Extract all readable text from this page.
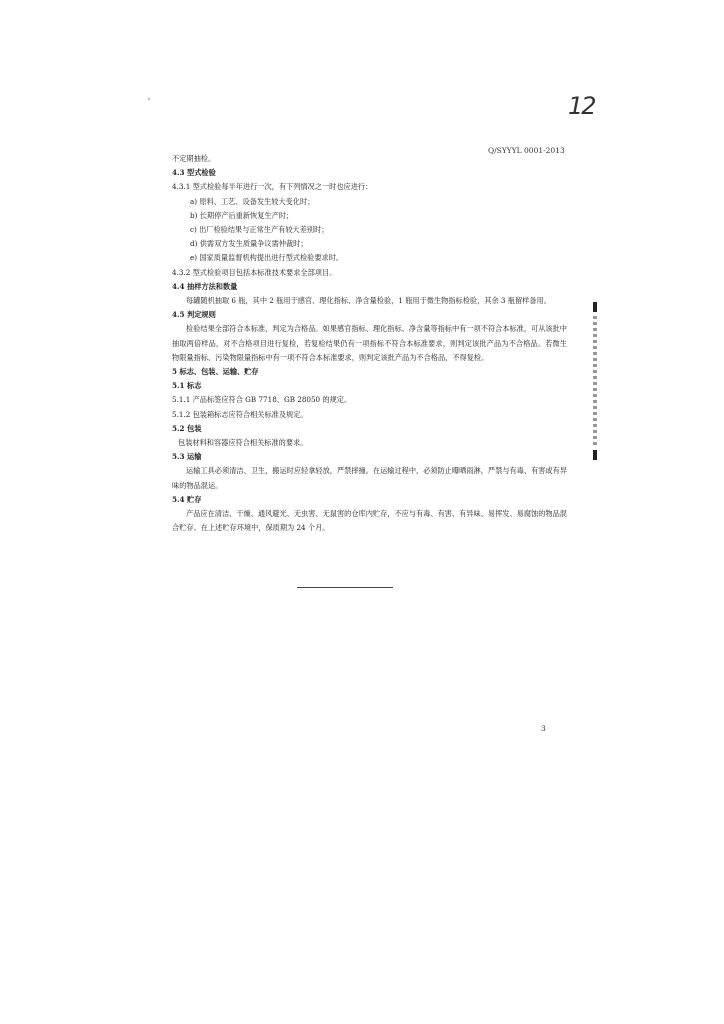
12
Q/SYYYL 0001-2013
不定期抽检。
4.3 型式检验
4.3.1 型式检验每半年进行一次，有下列情况之一时也应进行：
a) 原料、工艺、设备发生较大变化时；
b) 长期停产后重新恢复生产时；
c) 出厂检验结果与正常生产有较大差别时；
d) 供需双方发生质量争议需仲裁时；
e) 国家质量监督机构提出进行型式检验要求时。
4.3.2 型式检验项目包括本标准技术要求全部项目。
4.4 抽样方法和数量
每罐随机抽取 6 瓶，其中 2 瓶用于感官、理化指标、净含量检验，1 瓶用于微生物指标检验，其余 3 瓶留样备用。
4.5 判定规则
检验结果全部符合本标准，判定为合格品。如果感官指标、理化指标、净含量等指标中有一项不符合本标准，可从该批中抽取两倍样品，对不合格项目进行复检，若复检结果仍有一项指标不符合本标准要求，则判定该批产品为不合格品。若微生物限量指标、污染物限量指标中有一项不符合本标准要求，则判定该批产品为不合格品，不得复检。
5 标志、包装、运输、贮存
5.1 标志
5.1.1 产品标签应符合 GB 7718、GB 28050 的规定。
5.1.2 包装箱标志应符合相关标准及规定。
5.2 包装
包装材料和容器应符合相关标准的要求。
5.3 运输
运输工具必须清洁、卫生，搬运时应轻拿轻放，严禁摔撞。在运输过程中，必须防止曝晒雨淋，严禁与有毒、有害或有异味的物品混运。
5.4 贮存
产品应在清洁、干燥、通风避光、无虫害、无鼠害的仓库内贮存，不应与有毒、有害、有异味、易挥发、易腐蚀的物品混合贮存。在上述贮存环境中，保质期为 24 个月。
3
